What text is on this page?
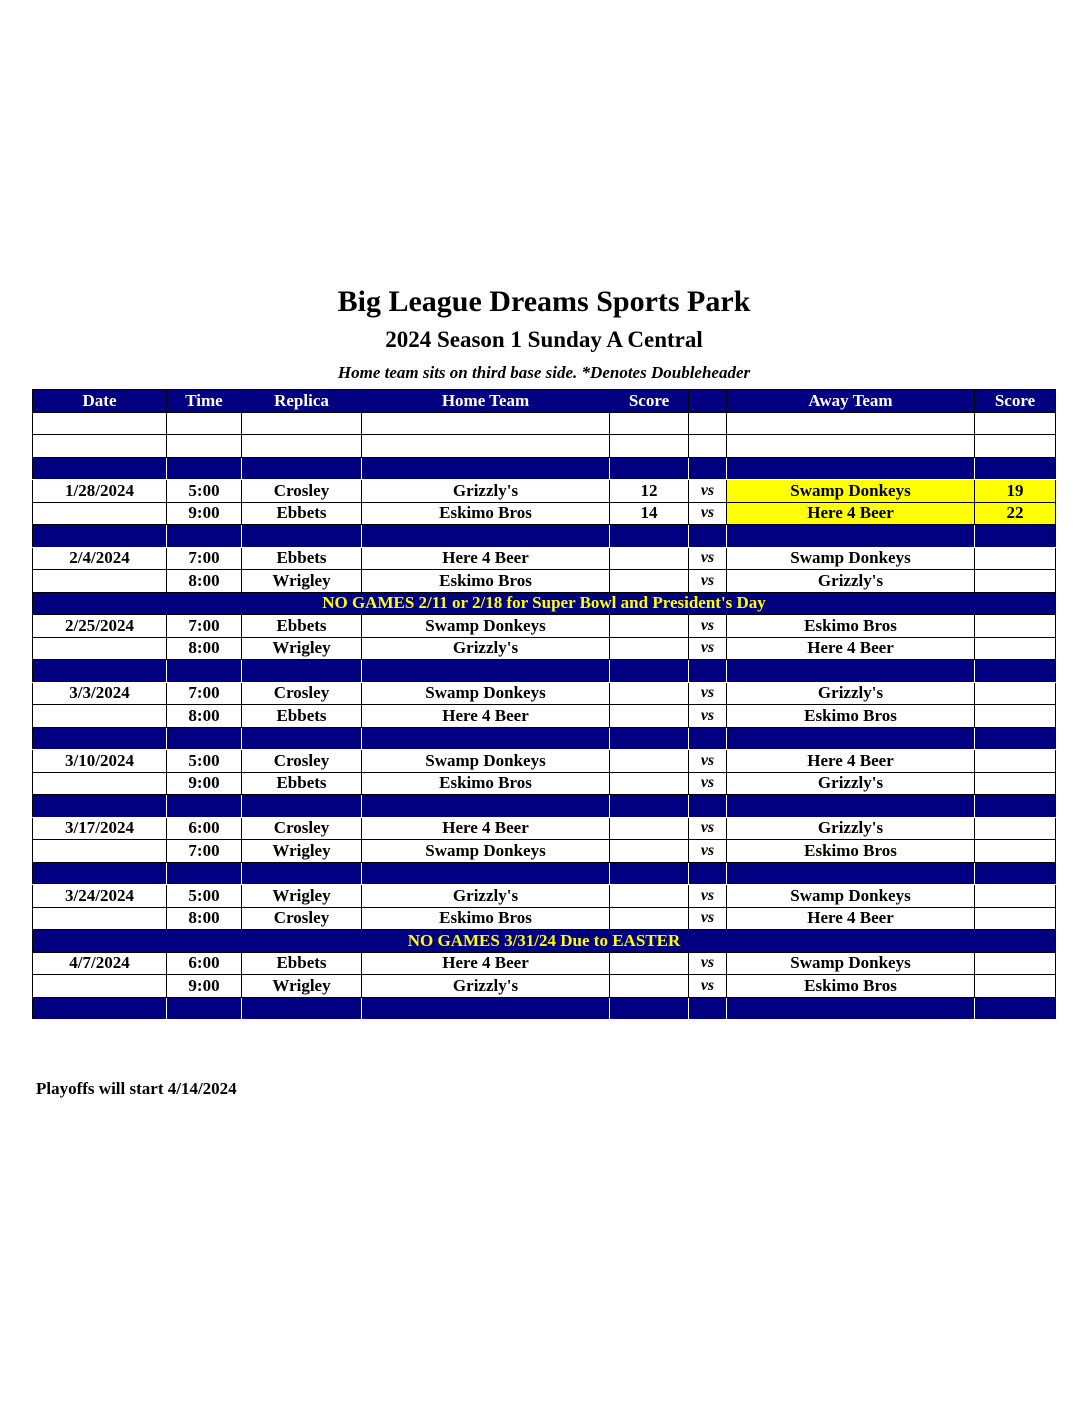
Big League Dreams Sports Park
2024 Season 1 Sunday A Central
Home team sits on third base side. *Denotes Doubleheader
Date	Time	Replica	Home Team	Score		Away Team	Score

1/28/2024	5:00	Crosley	Grizzly's	12	vs	Swamp Donkeys	19
	9:00	Ebbets	Eskimo Bros	14	vs	Here 4 Beer	22

2/4/2024	7:00	Ebbets	Here 4 Beer		vs	Swamp Donkeys	
	8:00	Wrigley	Eskimo Bros		vs	Grizzly's	
NO GAMES 2/11 or 2/18 for Super Bowl and President's Day							
2/25/2024	7:00	Ebbets	Swamp Donkeys		vs	Eskimo Bros	
	8:00	Wrigley	Grizzly's		vs	Here 4 Beer	

3/3/2024	7:00	Crosley	Swamp Donkeys		vs	Grizzly's	
	8:00	Ebbets	Here 4 Beer		vs	Eskimo Bros	

3/10/2024	5:00	Crosley	Swamp Donkeys		vs	Here 4 Beer	
	9:00	Ebbets	Eskimo Bros		vs	Grizzly's	

3/17/2024	6:00	Crosley	Here 4 Beer		vs	Grizzly's	
	7:00	Wrigley	Swamp Donkeys		vs	Eskimo Bros	

3/24/2024	5:00	Wrigley	Grizzly's		vs	Swamp Donkeys	
	8:00	Crosley	Eskimo Bros		vs	Here 4 Beer	
NO GAMES 3/31/24 Due to EASTER							
4/7/2024	6:00	Ebbets	Here 4 Beer		vs	Swamp Donkeys	
	9:00	Wrigley	Grizzly's		vs	Eskimo Bros	

Playoffs will start 4/14/2024
